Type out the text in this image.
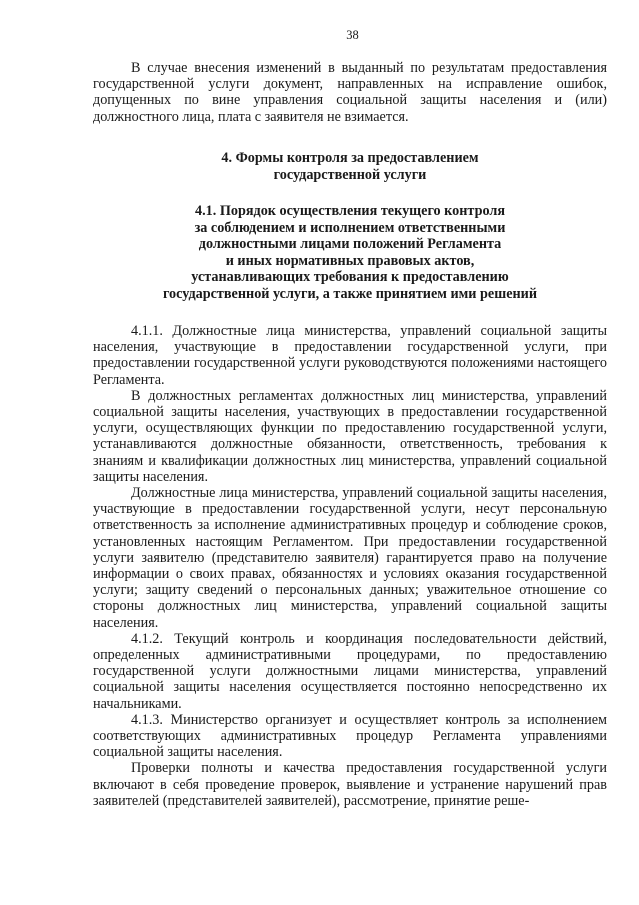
38

В случае внесения изменений в выданный по результатам предоставления государственной услуги документ, направленных на исправление ошибок, допущенных по вине управления социальной защиты населения и (или) должностного лица, плата с заявителя не взимается.

4. Формы контроля за предоставлением
государственной услуги
4.1. Порядок осуществления текущего контроля
за соблюдением и исполнением ответственными
должностными лицами положений Регламента
и иных нормативных правовых актов,
устанавливающих требования к предоставлению
государственной услуги, а также принятием ими решений

4.1.1. Должностные лица министерства, управлений социальной защиты населения, участвующие в предоставлении государственной услуги, при предоставлении государственной услуги руководствуются положениями настоящего Регламента.

В должностных регламентах должностных лиц министерства, управлений социальной защиты населения, участвующих в предоставлении государственной услуги, осуществляющих функции по предоставлению государственной услуги, устанавливаются должностные обязанности, ответственность, требования к знаниям и квалификации должностных лиц министерства, управлений социальной защиты населения.

Должностные лица министерства, управлений социальной защиты населения, участвующие в предоставлении государственной услуги, несут персональную ответственность за исполнение административных процедур и соблюдение сроков, установленных настоящим Регламентом. При предоставлении государственной услуги заявителю (представителю заявителя) гарантируется право на получение информации о своих правах, обязанностях и условиях оказания государственной услуги; защиту сведений о персональных данных; уважительное отношение со стороны должностных лиц министерства, управлений социальной защиты населения.

4.1.2. Текущий контроль и координация последовательности действий, определенных административными процедурами, по предоставлению государственной услуги должностными лицами министерства, управлений социальной защиты населения осуществляется постоянно непосредственно их начальниками.

4.1.3. Министерство организует и осуществляет контроль за исполнением соответствующих административных процедур Регламента управлениями социальной защиты населения.

Проверки полноты и качества предоставления государственной услуги включают в себя проведение проверок, выявление и устранение нарушений прав заявителей (представителей заявителей), рассмотрение, принятие реше-
